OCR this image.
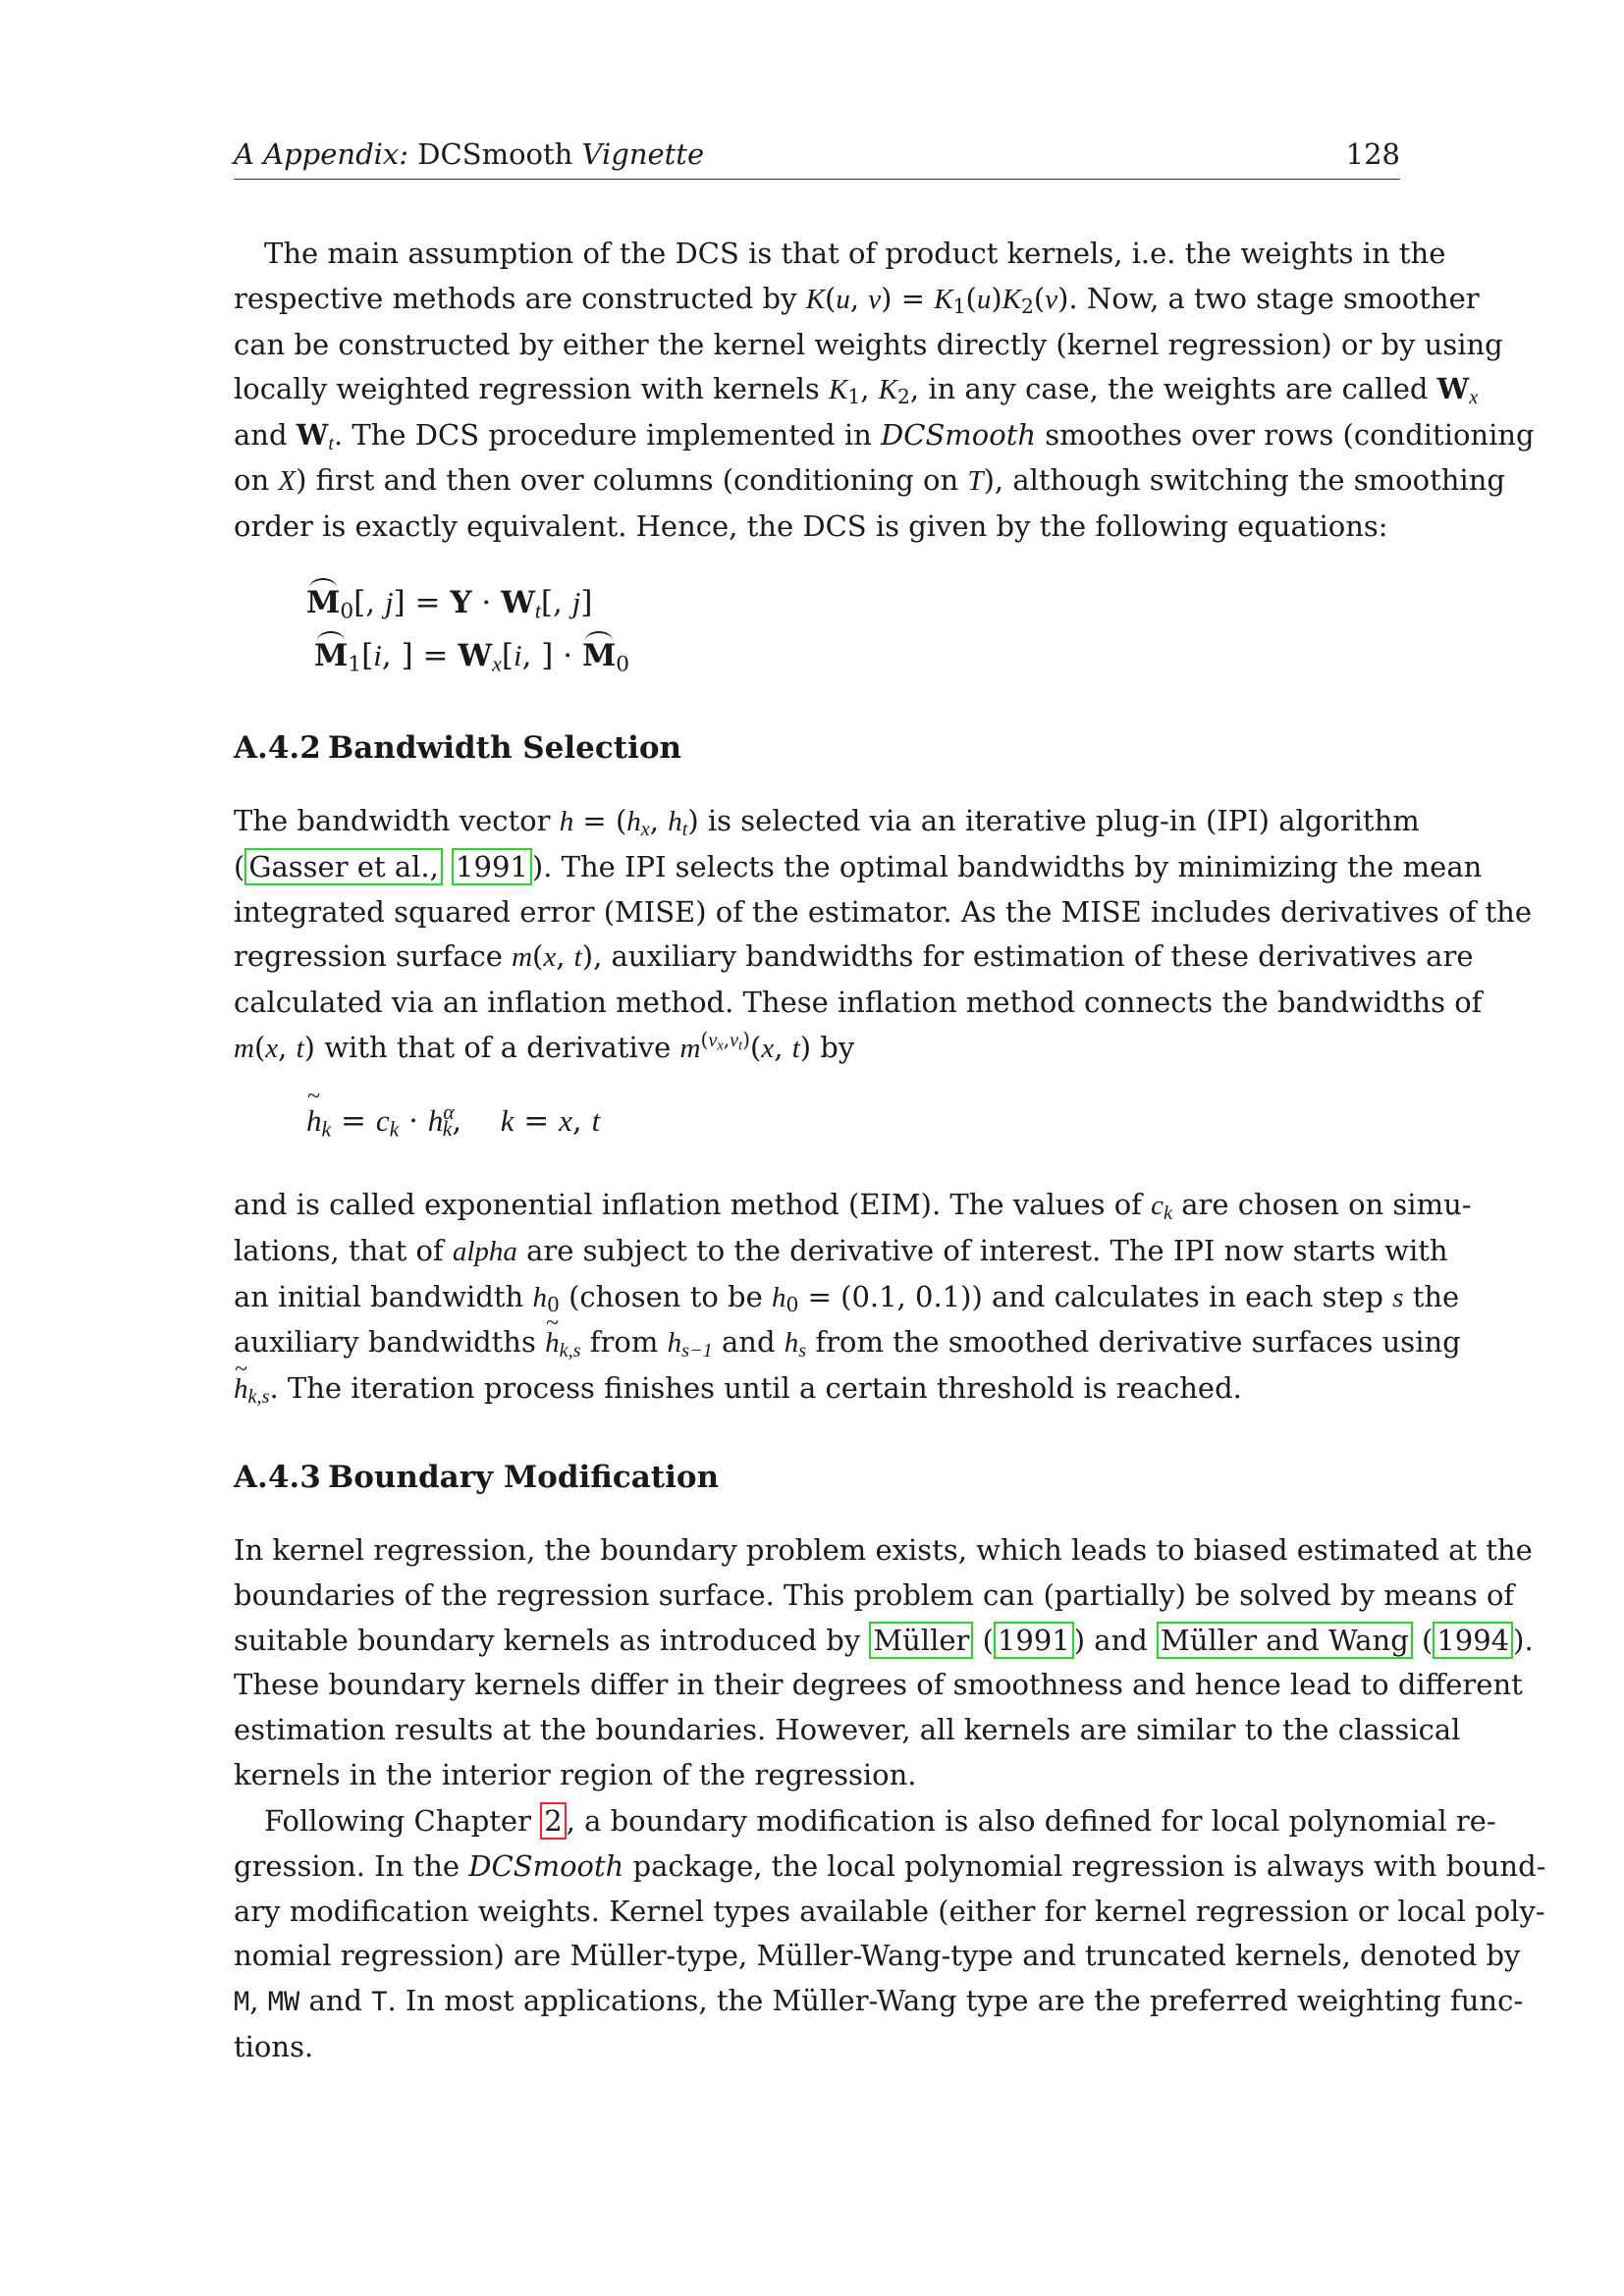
A Appendix: DCSmooth Vignette	128
The main assumption of the DCS is that of product kernels, i.e. the weights in the
respective methods are constructed by K(u, $v) = K_1(u)K_2(v)$. Now, a two stage smoother
can be constructed by either the kernel weights directly (kernel regression) or by using
locally weighted regression with kernels $K_1$, $K_2$, in any case, the weights are called $W_x$
and $W_t$. The DCS procedure implemented in DCSmooth smoothes over rows (conditioning
on X) first and then over columns (conditioning on T), although switching the smoothing
order is exactly equivalent. Hence, the DCS is given by the following equations:
$M_0$[, $j] = Y \cdot W_t$[, j]
$M_1[i$, ] = $W_x[i$, ] · $M_0$
A.4.2 Bandwidth Selection
The bandwidth vector $h = (h_x$, $h_t$) is selected via an iterative plug-in (IPI) algorithm
( Gasser et al., 1991 ). The IPI selects the optimal bandwidths by minimizing the mean
integrated squared error (MISE) of the estimator. As the MISE includes derivatives of the
regression surface m(x, t), auxiliary bandwidths for estimation of these derivatives are
calculated via an inflation method. These inflation method connects the bandwidths of
m(x, t) with that of a derivative $m^{(\nu_x,\nu_t)}(x$, t) by
~ $h_k = c_k \cdot h^\alpha_k$,    k = x, t
and is called exponential inflation method (EIM). The values of $c_k$ are chosen on simu-
lations, that of alpha are subject to the derivative of interest. The IPI now starts with
an initial bandwidth $h_0$ (chosen to be $h_0 = (0.1$, 0.1)) and calculates in each step s the
auxiliary bandwidths ~ $h_{k,s}$ from $h_{s-1}$ and $h_s$ from the smoothed derivative surfaces using
~ $h_{k,s}$. The iteration process finishes until a certain threshold is reached.
A.4.3 Boundary Modification
In kernel regression, the boundary problem exists, which leads to biased estimated at the
boundaries of the regression surface. This problem can (partially) be solved by means of
suitable boundary kernels as introduced by Müller ( 1991 ) and Müller and Wang ( 1994 ).
These boundary kernels differ in their degrees of smoothness and hence lead to different
estimation results at the boundaries. However, all kernels are similar to the classical
kernels in the interior region of the regression.
Following Chapter 2 , a boundary modification is also defined for local polynomial re-
gression. In the DCSmooth package, the local polynomial regression is always with bound-
ary modification weights. Kernel types available (either for kernel regression or local poly-
nomial regression) are Müller-type, Müller-Wang-type and truncated kernels, denoted by
M, MW and T. In most applications, the Müller-Wang type are the preferred weighting func-
tions.
